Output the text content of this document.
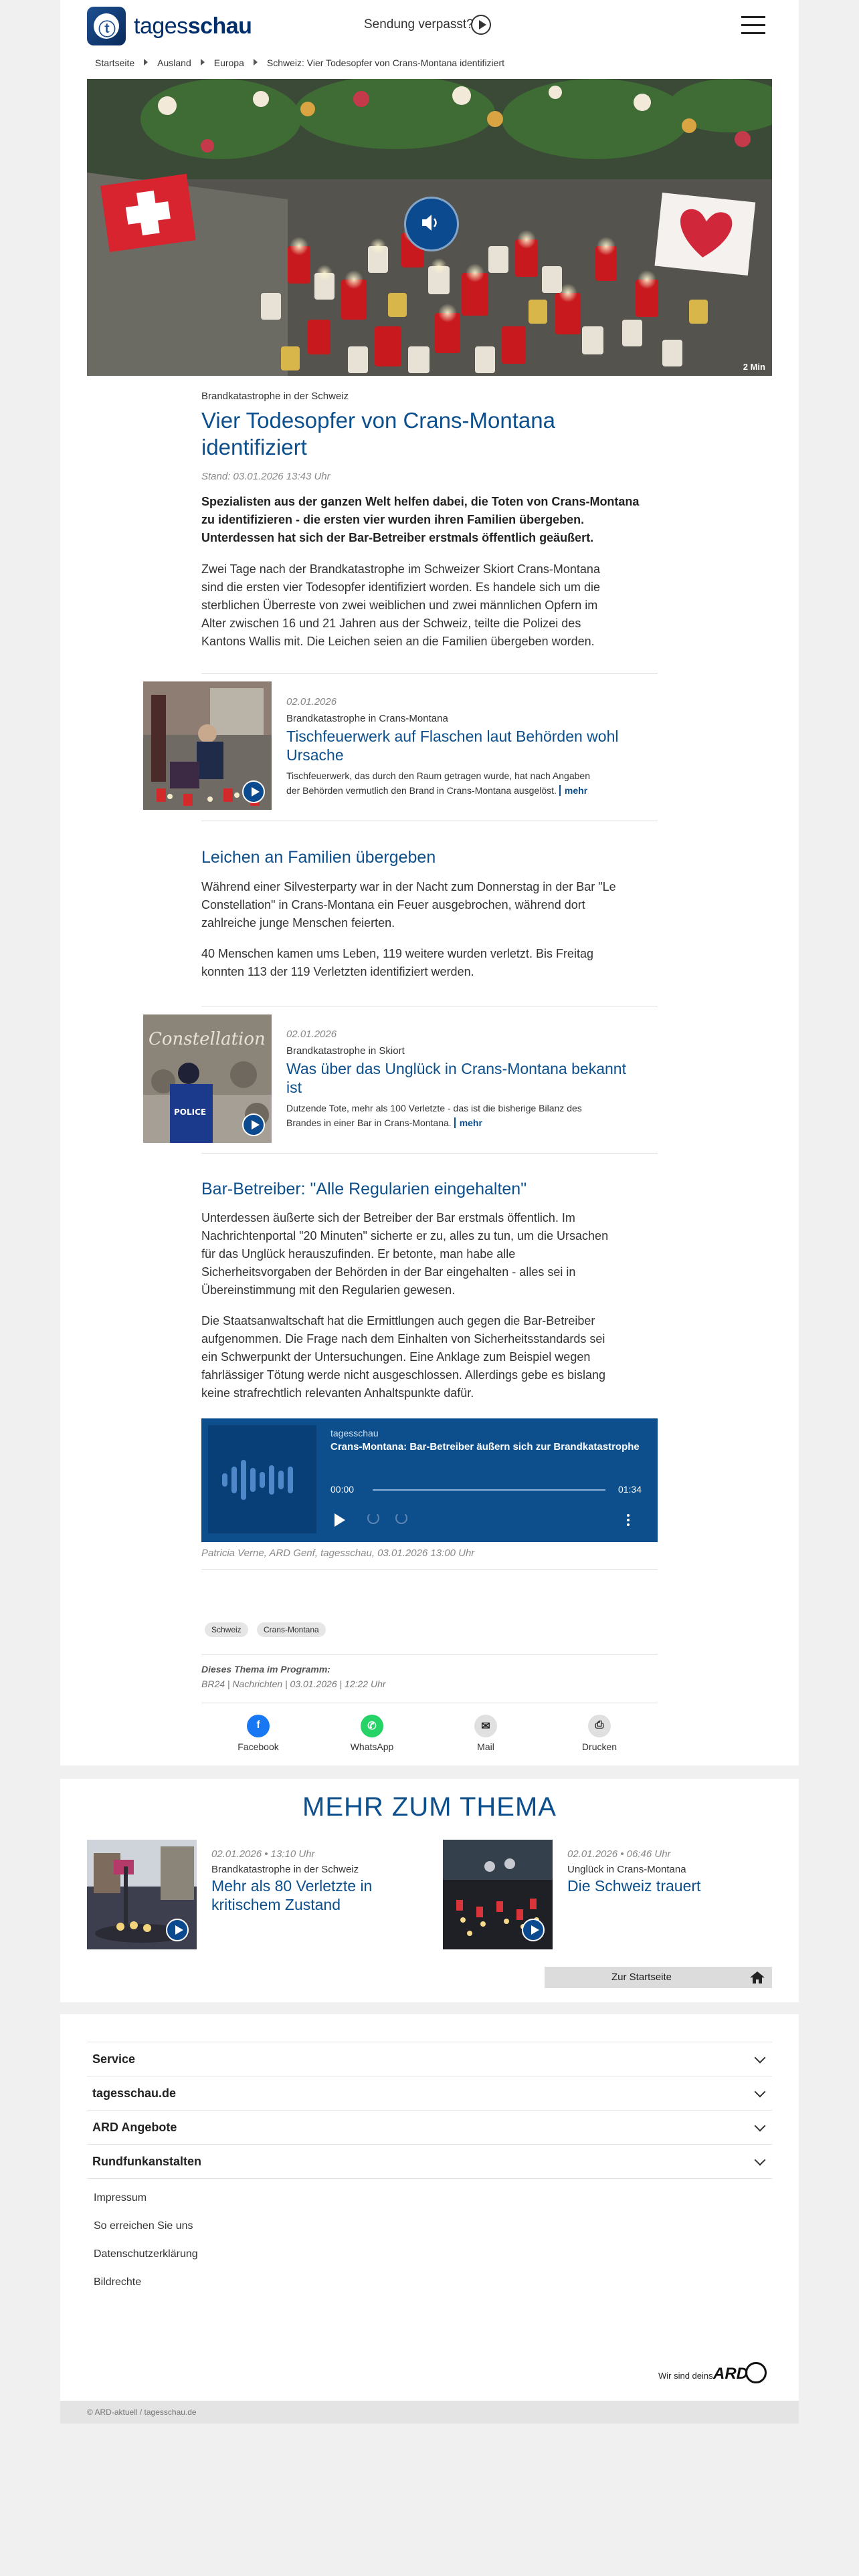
ⓣ tagesschau	Sendung verpasst?
Startseite Ausland Europa Schweiz: Vier Todesopfer von Crans-Montana identifiziert
2 Min
Brandkatastrophe in der Schweiz
Vier Todesopfer von Crans-Montana
identifiziert
Stand: 03.01.2026 13:43 Uhr
Spezialisten aus der ganzen Welt helfen dabei, die Toten von Crans-Montana
zu identifizieren - die ersten vier wurden ihren Familien übergeben.
Unterdessen hat sich der Bar-Betreiber erstmals öffentlich geäußert.
Zwei Tage nach der Brandkatastrophe im Schweizer Skiort Crans-Montana
sind die ersten vier Todesopfer identifiziert worden. Es handele sich um die
sterblichen Überreste von zwei weiblichen und zwei männlichen Opfern im
Alter zwischen 16 und 21 Jahren aus der Schweiz, teilte die Polizei des
Kantons Wallis mit. Die Leichen seien an die Familien übergeben worden.
02.01.2026
Brandkatastrophe in Crans-Montana
Tischfeuerwerk auf Flaschen laut Behörden wohl
Ursache
Tischfeuerwerk, das durch den Raum getragen wurde, hat nach Angaben
der Behörden vermutlich den Brand in Crans-Montana ausgelöst. mehr
Leichen an Familien übergeben
Während einer Silvesterparty war in der Nacht zum Donnerstag in der Bar "Le
Constellation" in Crans-Montana ein Feuer ausgebrochen, während dort
zahlreiche junge Menschen feierten.
40 Menschen kamen ums Leben, 119 weitere wurden verletzt. Bis Freitag
konnten 113 der 119 Verletzten identifiziert werden.
Constellation
POLICE
02.01.2026
Brandkatastrophe in Skiort
Was über das Unglück in Crans-Montana bekannt
ist
Dutzende Tote, mehr als 100 Verletzte - das ist die bisherige Bilanz des
Brandes in einer Bar in Crans-Montana. mehr
Bar-Betreiber: "Alle Regularien eingehalten"
Unterdessen äußerte sich der Betreiber der Bar erstmals öffentlich. Im
Nachrichtenportal "20 Minuten" sicherte er zu, alles zu tun, um die Ursachen
für das Unglück herauszufinden. Er betonte, man habe alle
Sicherheitsvorgaben der Behörden in der Bar eingehalten - alles sei in
Übereinstimmung mit den Regularien gewesen.
Die Staatsanwaltschaft hat die Ermittlungen auch gegen die Bar-Betreiber
aufgenommen. Die Frage nach dem Einhalten von Sicherheitsstandards sei
ein Schwerpunkt der Untersuchungen. Eine Anklage zum Beispiel wegen
fahrlässiger Tötung werde nicht ausgeschlossen. Allerdings gebe es bislang
keine strafrechtlich relevanten Anhaltspunkte dafür.
tagesschau
Crans-Montana: Bar-Betreiber äußern sich zur Brandkatastrophe
00:00	01:34
Patricia Verne, ARD Genf, tagesschau, 03.01.2026 13:00 Uhr
Schweiz	Crans-Montana
Dieses Thema im Programm:
BR24 | Nachrichten | 03.01.2026 | 12:22 Uhr
f
Facebook
✆
WhatsApp
✉
Mail
⎙
Drucken
MEHR ZUM THEMA
02.01.2026 • 13:10 Uhr
Brandkatastrophe in der Schweiz
Mehr als 80 Verletzte in
kritischem Zustand
02.01.2026 • 06:46 Uhr
Unglück in Crans-Montana
Die Schweiz trauert
Zur Startseite
Service
tagesschau.de
ARD Angebote
Rundfunkanstalten
Impressum
So erreichen Sie uns
Datenschutzerklärung
Bildrechte
Wir sind deins.
ARD
© ARD-aktuell / tagesschau.de
